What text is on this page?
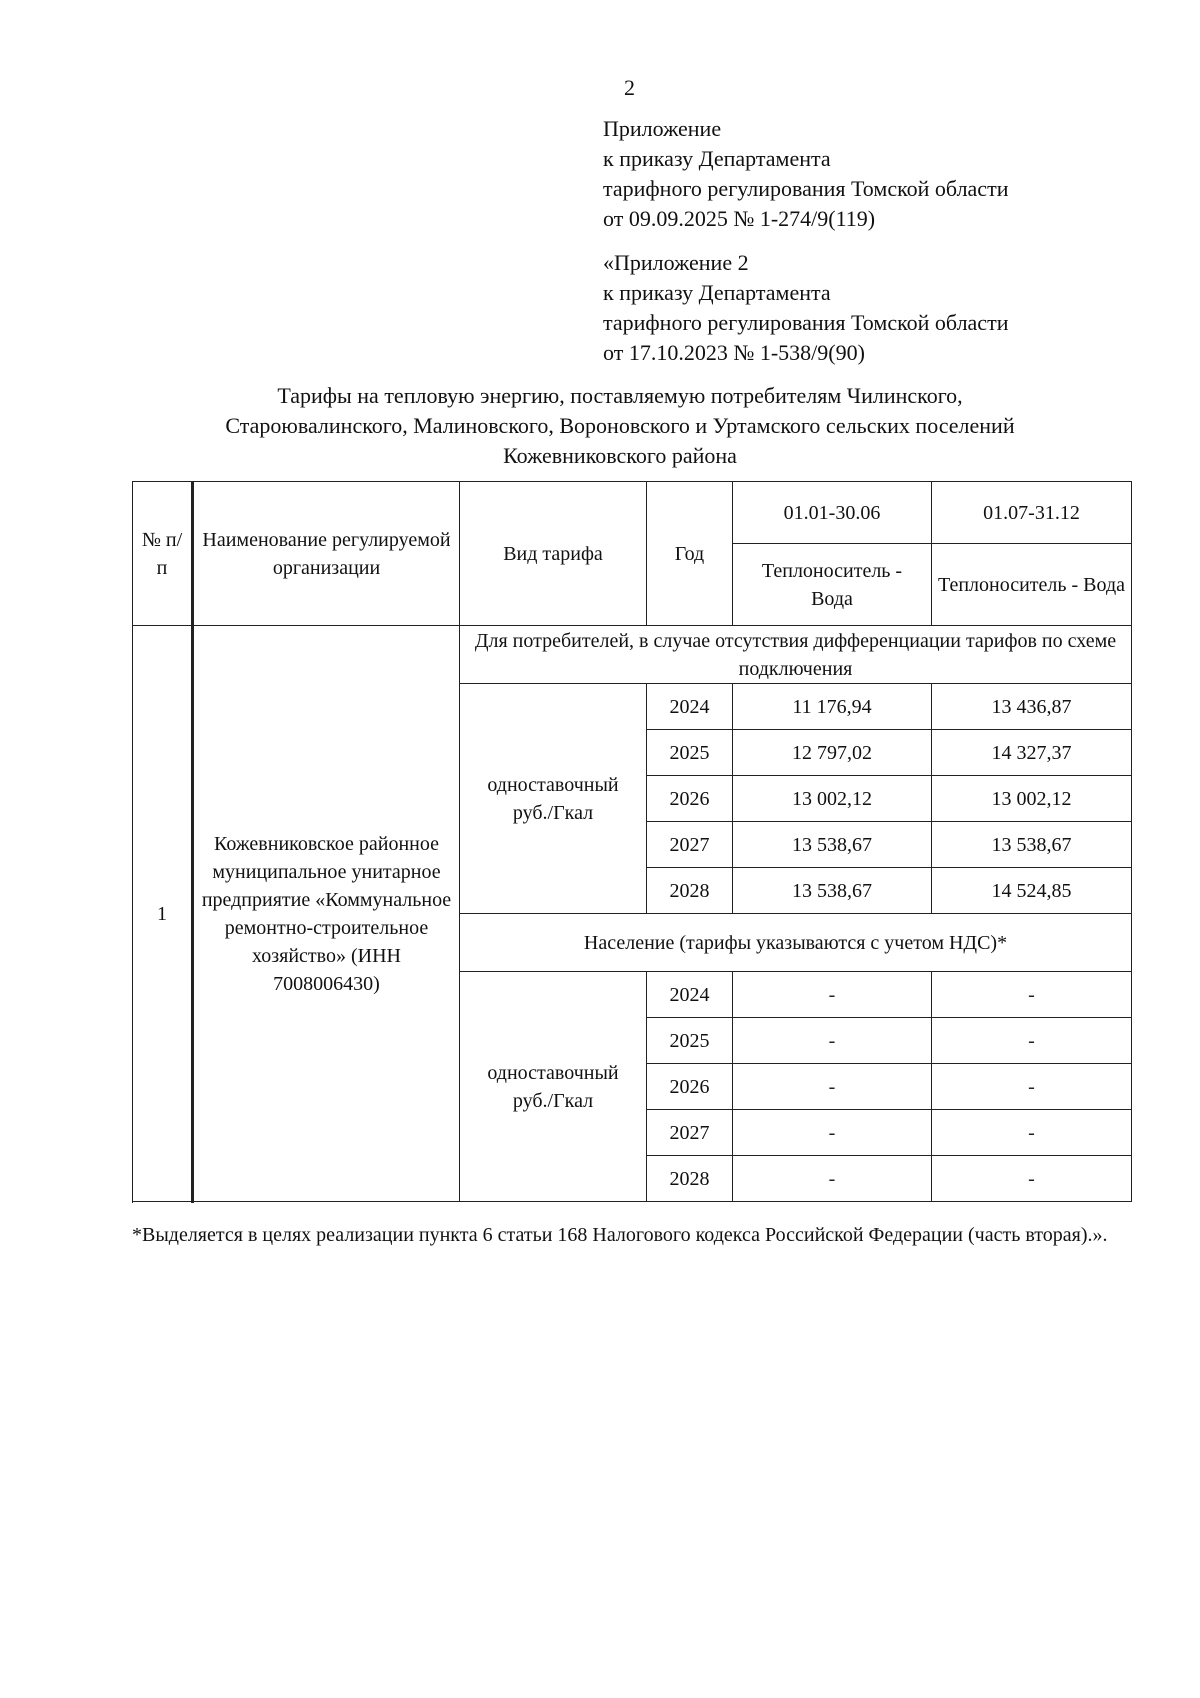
2
Приложение
к приказу Департамента
тарифного регулирования Томской области
от 09.09.2025 № 1-274/9(119)
«Приложение 2
к приказу Департамента
тарифного регулирования Томской области
от 17.10.2023 № 1-538/9(90)
Тарифы на тепловую энергию, поставляемую потребителям Чилинского,
Староювалинского, Малиновского, Вороновского и Уртамского сельских поселений
Кожевниковского района
№ п/п	Наименование регулируемой организации	Вид тарифа	Год	01.01-30.06	01.07-31.12
				Теплоноситель - Вода	Теплоноситель - Вода
1	Кожевниковское районное муниципальное унитарное предприятие «Коммунальное ремонтно-строительное хозяйство» (ИНН 7008006430)	Для потребителей, в случае отсутствия дифференциации тарифов по схеме подключения			
		одноставочный руб./Гкал	2024	11 176,94	13 436,87
			2025	12 797,02	14 327,37
			2026	13 002,12	13 002,12
			2027	13 538,67	13 538,67
			2028	13 538,67	14 524,85
		Население (тарифы указываются с учетом НДС)*			
		одноставочный руб./Гкал	2024	-	-
			2025	-	-
			2026	-	-
			2027	-	-
			2028	-	-

*Выделяется в целях реализации пункта 6 статьи 168 Налогового кодекса Российской Федерации (часть вторая).».
